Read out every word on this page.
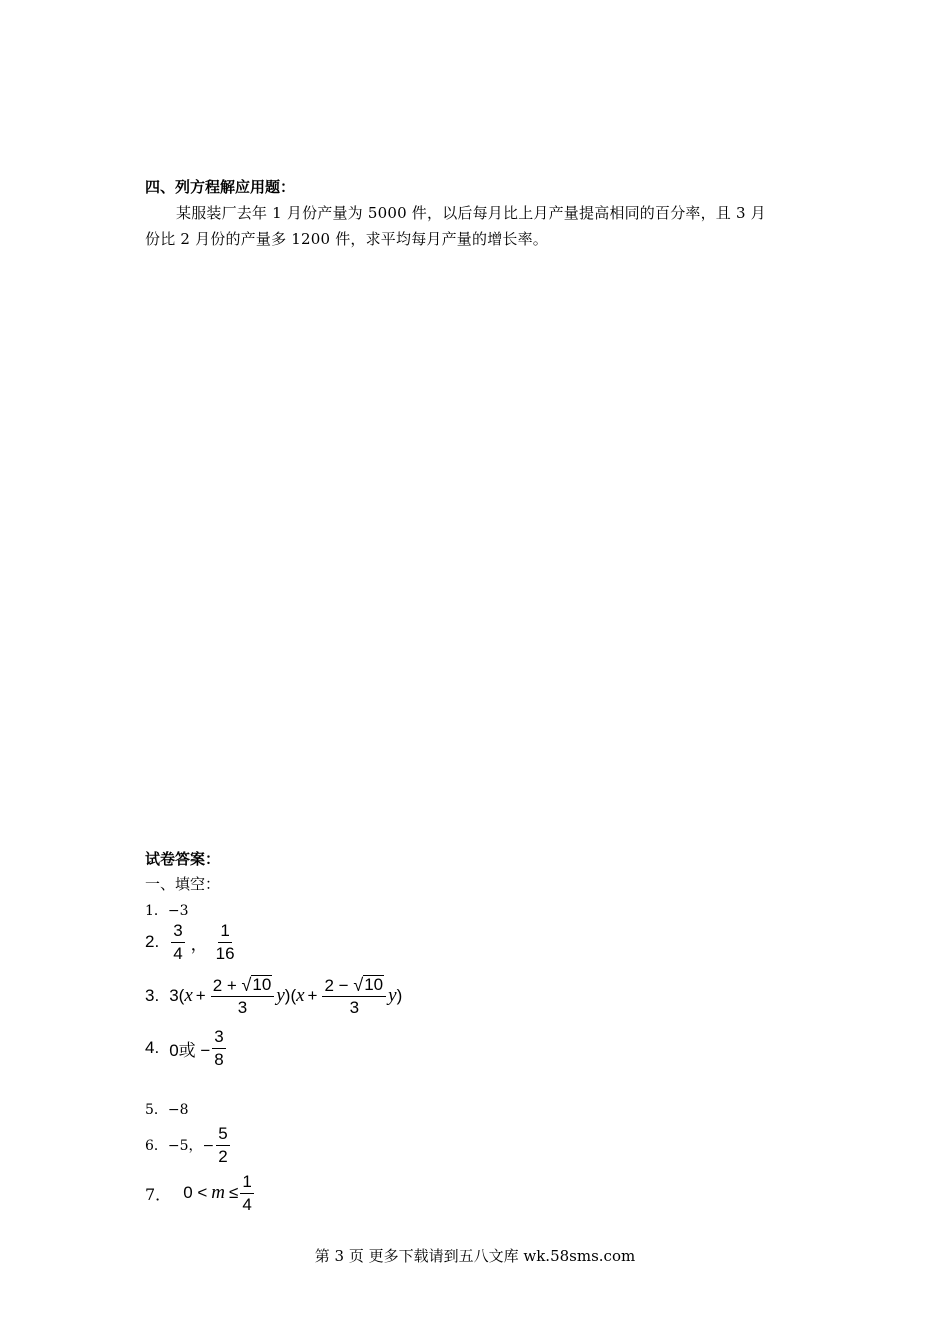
四、列方程解应用题：
某服装厂去年 1 月份产量为 5000 件，以后每月比上月产量提高相同的百分率，且 3 月
份比 2 月份的产量多 1200 件，求平均每月产量的增长率。
试卷答案：
一、填空：
1．−3
2. $\frac{3}{4}$ ， $\frac{1}{16}$
3. 3( $x + \frac{2 + √ 10}{3}$ y )( $x + \frac{2 - √ 10}{3}$ y )
4. 0或 − $\frac{3}{8}$
5．−8
6． −5，− $\frac{5}{2}$
7． $0 < m \le \frac{1}{4}$
第 3 页 更多下载请到五八文库 wk.58sms.com
